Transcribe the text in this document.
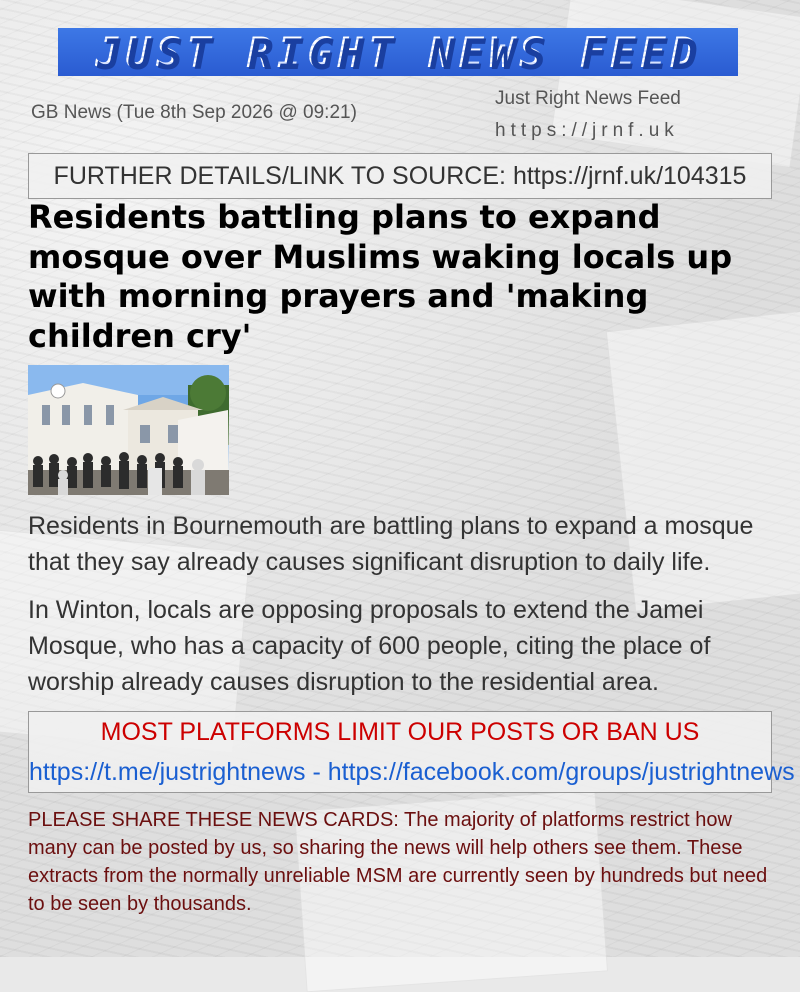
JUST RIGHT NEWS FEED
GB News (Tue 8th Sep 2026 @ 09:21)
Just Right News Feed
https://jrnf.uk
FURTHER DETAILS/LINK TO SOURCE: https://jrnf.uk/104315
Residents battling plans to expand mosque over Muslims waking locals up with morning prayers and 'making children cry'

Residents in Bournemouth are battling plans to expand a mosque that they say already causes significant disruption to daily life.

In Winton, locals are opposing proposals to extend the Jamei Mosque, who has a capacity of 600 people, citing the place of worship already causes disruption to the residential area.

MOST PLATFORMS LIMIT OUR POSTS OR BAN US
https://t.me/justrightnews - https://facebook.com/groups/justrightnews

PLEASE SHARE THESE NEWS CARDS: The majority of platforms restrict how many can be posted by us, so sharing the news will help others see them. These extracts from the normally unreliable MSM are currently seen by hundreds but need to be seen by thousands.
